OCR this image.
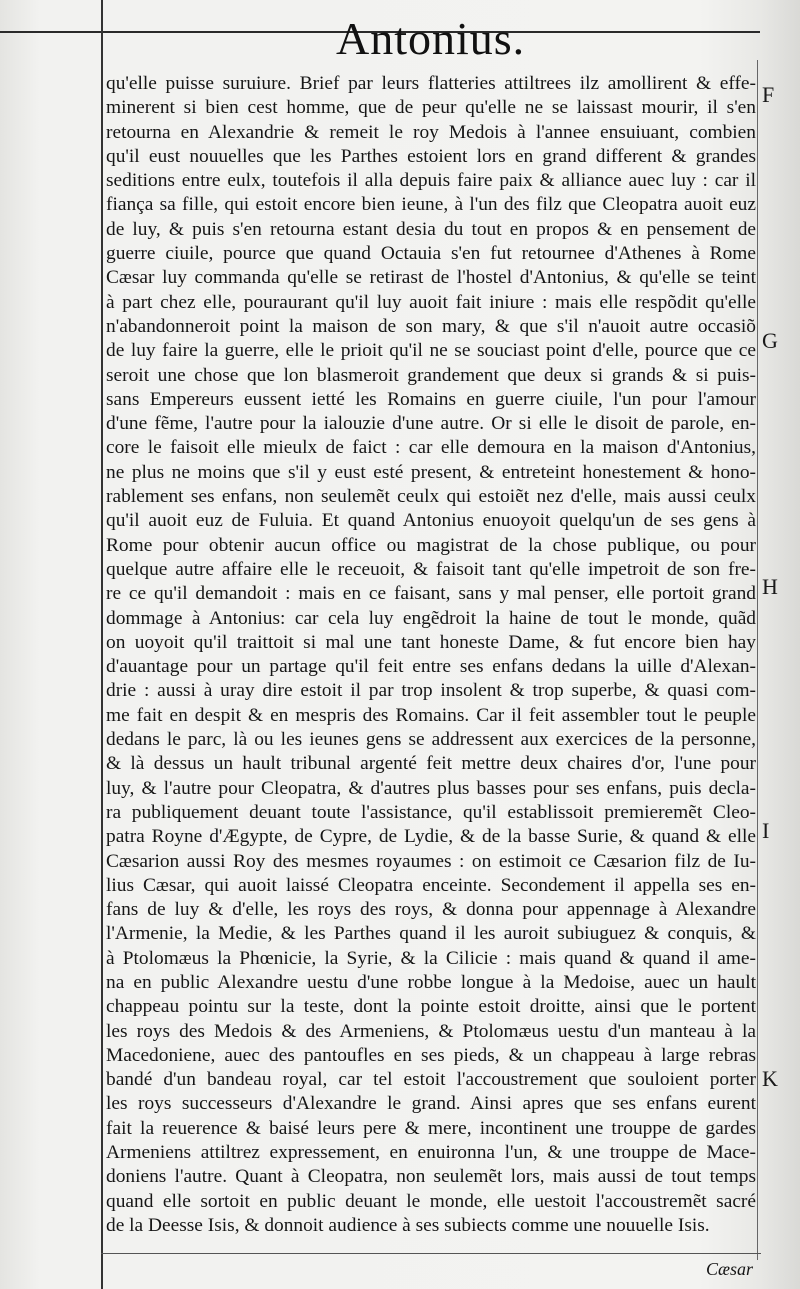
Antonius.
qu'elle puisse suruiure. Brief par leurs flatteries attiltrees ilz amollirent & effe-
minerent si bien cest homme, que de peur qu'elle ne se laissast mourir, il s'en
retourna en Alexandrie & remeit le roy Medois à l'annee ensuiuant, combien
qu'il eust nouuelles que les Parthes estoient lors en grand different & grandes
seditions entre eulx, toutefois il alla depuis faire paix & alliance auec luy : car il
fiança sa fille, qui estoit encore bien ieune, à l'un des filz que Cleopatra auoit euz
de luy, & puis s'en retourna estant desia du tout en propos & en pensement de
guerre ciuile, pource que quand Octauia s'en fut retournee d'Athenes à Rome
Cæsar luy commanda qu'elle se retirast de l'hostel d'Antonius, & qu'elle se teint
à part chez elle, pouraurant qu'il luy auoit fait iniure : mais elle respõdit qu'elle
n'abandonneroit point la maison de son mary, & que s'il n'auoit autre occasiõ
de luy faire la guerre, elle le prioit qu'il ne se souciast point d'elle, pource que ce
seroit une chose que lon blasmeroit grandement que deux si grands & si puis-
sans Empereurs eussent ietté les Romains en guerre ciuile, l'un pour l'amour
d'une fẽme, l'autre pour la ialouzie d'une autre. Or si elle le disoit de parole, en-
core le faisoit elle mieulx de faict : car elle demoura en la maison d'Antonius,
ne plus ne moins que s'il y eust esté present, & entreteint honestement & hono-
rablement ses enfans, non seulemẽt ceulx qui estoiẽt nez d'elle, mais aussi ceulx
qu'il auoit euz de Fuluia. Et quand Antonius enuoyoit quelqu'un de ses gens à
Rome pour obtenir aucun office ou magistrat de la chose publique, ou pour
quelque autre affaire elle le receuoit, & faisoit tant qu'elle impetroit de son fre-
re ce qu'il demandoit : mais en ce faisant, sans y mal penser, elle portoit grand
dommage à Antonius: car cela luy engẽdroit la haine de tout le monde, quãd
on uoyoit qu'il traittoit si mal une tant honeste Dame, & fut encore bien hay
d'auantage pour un partage qu'il feit entre ses enfans dedans la uille d'Alexan-
drie : aussi à uray dire estoit il par trop insolent & trop superbe, & quasi com-
me fait en despit & en mespris des Romains. Car il feit assembler tout le peuple
dedans le parc, là ou les ieunes gens se addressent aux exercices de la personne,
& là dessus un hault tribunal argenté feit mettre deux chaires d'or, l'une pour
luy, & l'autre pour Cleopatra, & d'autres plus basses pour ses enfans, puis decla-
ra publiquement deuant toute l'assistance, qu'il establissoit premieremẽt Cleo-
patra Royne d'Ægypte, de Cypre, de Lydie, & de la basse Surie, & quand & elle
Cæsarion aussi Roy des mesmes royaumes : on estimoit ce Cæsarion filz de Iu-
lius Cæsar, qui auoit laissé Cleopatra enceinte. Secondement il appella ses en-
fans de luy & d'elle, les roys des roys, & donna pour appennage à Alexandre
l'Armenie, la Medie, & les Parthes quand il les auroit subiuguez & conquis, &
à Ptolomæus la Phœnicie, la Syrie, & la Cilicie : mais quand & quand il ame-
na en public Alexandre uestu d'une robbe longue à la Medoise, auec un hault
chappeau pointu sur la teste, dont la pointe estoit droitte, ainsi que le portent
les roys des Medois & des Armeniens, & Ptolomæus uestu d'un manteau à la
Macedoniene, auec des pantoufles en ses pieds, & un chappeau à large rebras
bandé d'un bandeau royal, car tel estoit l'accoustrement que souloient porter
les roys successeurs d'Alexandre le grand. Ainsi apres que ses enfans eurent
fait la reuerence & baisé leurs pere & mere, incontinent une trouppe de gardes
Armeniens attiltrez expressement, en enuironna l'un, & une trouppe de Mace-
doniens l'autre. Quant à Cleopatra, non seulemẽt lors, mais aussi de tout temps
quand elle sortoit en public deuant le monde, elle uestoit l'accoustremẽt sacré
de la Deesse Isis, & donnoit audience à ses subiects comme une nouuelle Isis.
F
G
H
I
K
Cæsar
